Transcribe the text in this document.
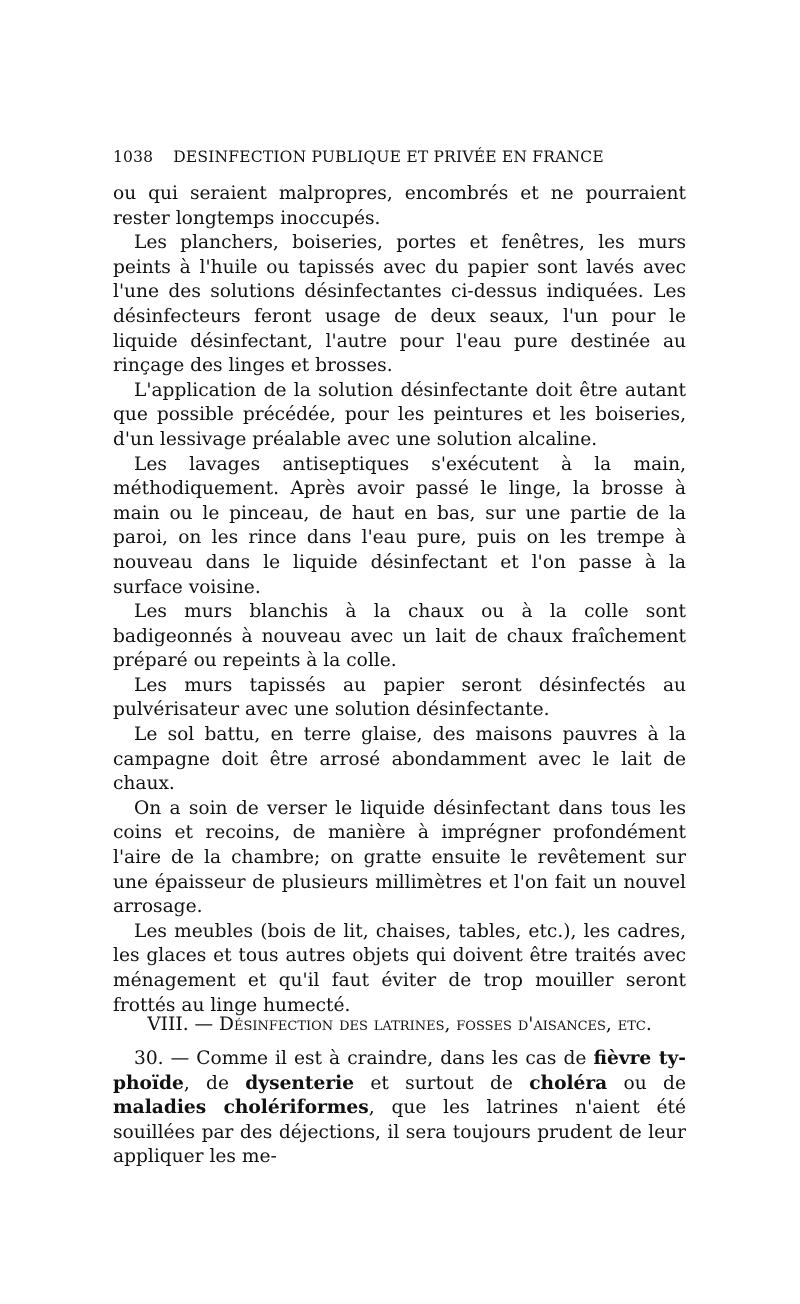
1038 DESINFECTION PUBLIQUE ET PRIVÉE EN FRANCE

ou qui seraient malpropres, encombrés et ne pourraient rester longtemps inoccupés.

Les planchers, boiseries, portes et fenêtres, les murs peints à l'huile ou tapissés avec du papier sont lavés avec l'une des solutions désinfectantes ci-dessus indiquées. Les désinfecteurs feront usage de deux seaux, l'un pour le liquide désinfectant, l'autre pour l'eau pure destinée au rinçage des linges et brosses.

L'application de la solution désinfectante doit être autant que possible précédée, pour les peintures et les boiseries, d'un lessivage préalable avec une solution alcaline.

Les lavages antiseptiques s'exécutent à la main, méthodiquement. Après avoir passé le linge, la brosse à main ou le pinceau, de haut en bas, sur une partie de la paroi, on les rince dans l'eau pure, puis on les trempe à nouveau dans le liquide désinfectant et l'on passe à la surface voisine.

Les murs blanchis à la chaux ou à la colle sont badigeonnés à nouveau avec un lait de chaux fraîchement préparé ou repeints à la colle.

Les murs tapissés au papier seront désinfectés au pulvérisateur avec une solution désinfectante.

Le sol battu, en terre glaise, des maisons pauvres à la campagne doit être arrosé abondamment avec le lait de chaux.

On a soin de verser le liquide désinfectant dans tous les coins et recoins, de manière à imprégner profondément l'aire de la chambre; on gratte ensuite le revêtement sur une épaisseur de plusieurs millimètres et l'on fait un nouvel arrosage.

Les meubles (bois de lit, chaises, tables, etc.), les cadres, les glaces et tous autres objets qui doivent être traités avec ménagement et qu'il faut éviter de trop mouiller seront frottés au linge humecté.

VIII. — Désinfection des latrines, fosses d'aisances, etc.

30. — Comme il est à craindre, dans les cas de fièvre typhoïde, de dysenterie et surtout de choléra ou de maladies cholériformes, que les latrines n'aient été souillées par des déjections, il sera toujours prudent de leur appliquer les me-
